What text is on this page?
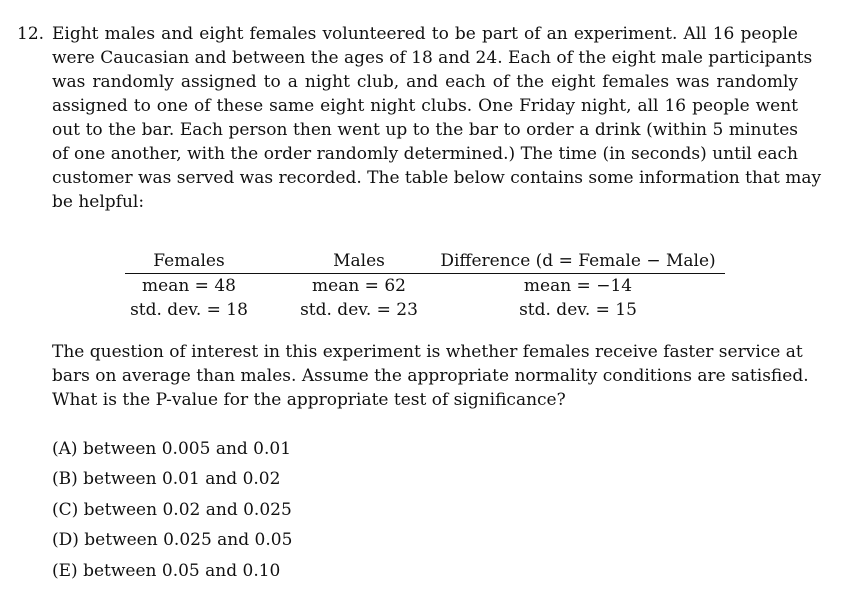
12. Eight males and eight females volunteered to be part of an experiment. All 16 people
were Caucasian and between the ages of 18 and 24. Each of the eight male participants
was randomly assigned to a night club, and each of the eight females was randomly
assigned to one of these same eight night clubs. One Friday night, all 16 people went
out to the bar. Each person then went up to the bar to order a drink (within 5 minutes
of one another, with the order randomly determined.) The time (in seconds) until each
customer was served was recorded. The table below contains some information that may
be helpful:
Females	Males	Difference (d = Female − Male)
mean = 48	mean = 62	mean = −14
std. dev. = 18	std. dev. = 23	std. dev. = 15
The question of interest in this experiment is whether females receive faster service at
bars on average than males. Assume the appropriate normality conditions are satisfied.
What is the P-value for the appropriate test of significance?
(A) between 0.005 and 0.01
(B) between 0.01 and 0.02
(C) between 0.02 and 0.025
(D) between 0.025 and 0.05
(E) between 0.05 and 0.10
